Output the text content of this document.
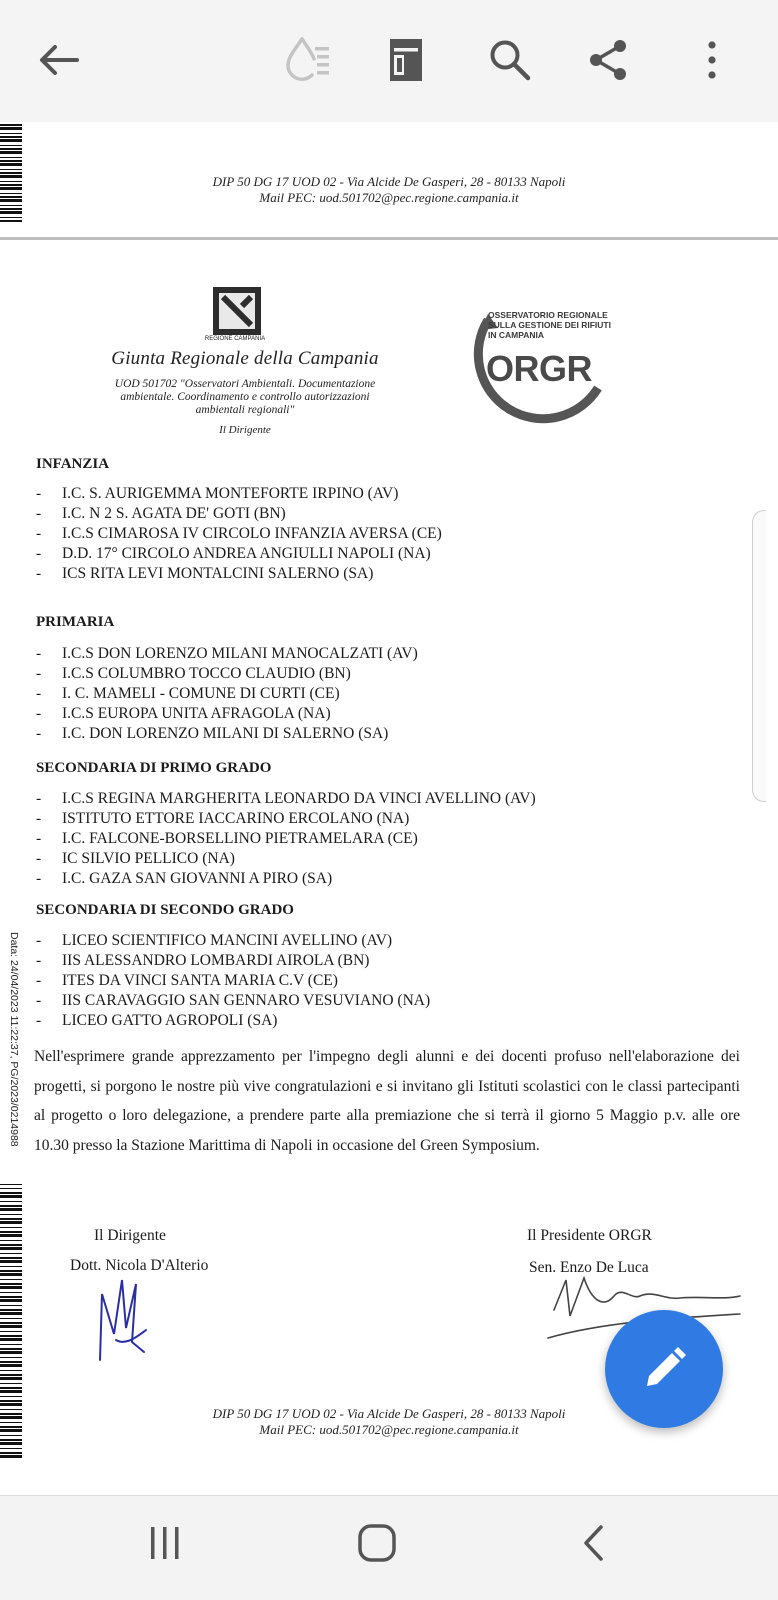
DIP 50 DG 17 UOD 02 - Via Alcide De Gasperi, 28 - 80133 Napoli
Mail PEC: uod.501702@pec.regione.campania.it
REGIONE CAMPANIA
Giunta Regionale della Campania
UOD 501702 "Osservatori Ambientali. Documentazione
ambientale. Coordinamento e controllo autorizzazioni
ambientali regionali"
Il Dirigente
OSSERVATORIO REGIONALE
SULLA GESTIONE DEI RIFIUTI
IN CAMPANIA
ORGR
INFANZIA
- I.C. S. AURIGEMMA MONTEFORTE IRPINO (AV)
- I.C. N 2 S. AGATA DE' GOTI (BN)
- I.C.S CIMAROSA IV CIRCOLO INFANZIA AVERSA (CE)
- D.D. 17° CIRCOLO ANDREA ANGIULLI NAPOLI (NA)
- ICS RITA LEVI MONTALCINI SALERNO (SA)
PRIMARIA
- I.C.S DON LORENZO MILANI MANOCALZATI (AV)
- I.C.S COLUMBRO TOCCO CLAUDIO (BN)
- I. C. MAMELI - COMUNE DI CURTI (CE)
- I.C.S EUROPA UNITA AFRAGOLA (NA)
- I.C. DON LORENZO MILANI DI SALERNO (SA)
SECONDARIA DI PRIMO GRADO
- I.C.S REGINA MARGHERITA LEONARDO DA VINCI AVELLINO (AV)
- ISTITUTO ETTORE IACCARINO ERCOLANO (NA)
- I.C. FALCONE-BORSELLINO PIETRAMELARA (CE)
- IC SILVIO PELLICO (NA)
- I.C. GAZA SAN GIOVANNI A PIRO (SA)
SECONDARIA DI SECONDO GRADO
- LICEO SCIENTIFICO MANCINI AVELLINO (AV)
- IIS ALESSANDRO LOMBARDI AIROLA (BN)
- ITES DA VINCI SANTA MARIA C.V (CE)
- IIS CARAVAGGIO SAN GENNARO VESUVIANO (NA)
- LICEO GATTO AGROPOLI (SA)
Data: 24/04/2023 11:22:37, PG/2023/0214988 Nell'esprimere grande apprezzamento per l'impegno degli alunni e dei docenti profuso nell'elaborazione dei progetti, si porgono le nostre più vive congratulazioni e si invitano gli Istituti scolastici con le classi partecipanti al progetto o loro delegazione, a prendere parte alla premiazione che si terrà il giorno 5 Maggio p.v. alle ore 10.30 presso la Stazione Marittima di Napoli in occasione del Green Symposium.

Il Dirigente
Dott. Nicola D'Alterio
Il Presidente ORGR
Sen. Enzo De Luca
DIP 50 DG 17 UOD 02 - Via Alcide De Gasperi, 28 - 80133 Napoli
Mail PEC: uod.501702@pec.regione.campania.it
